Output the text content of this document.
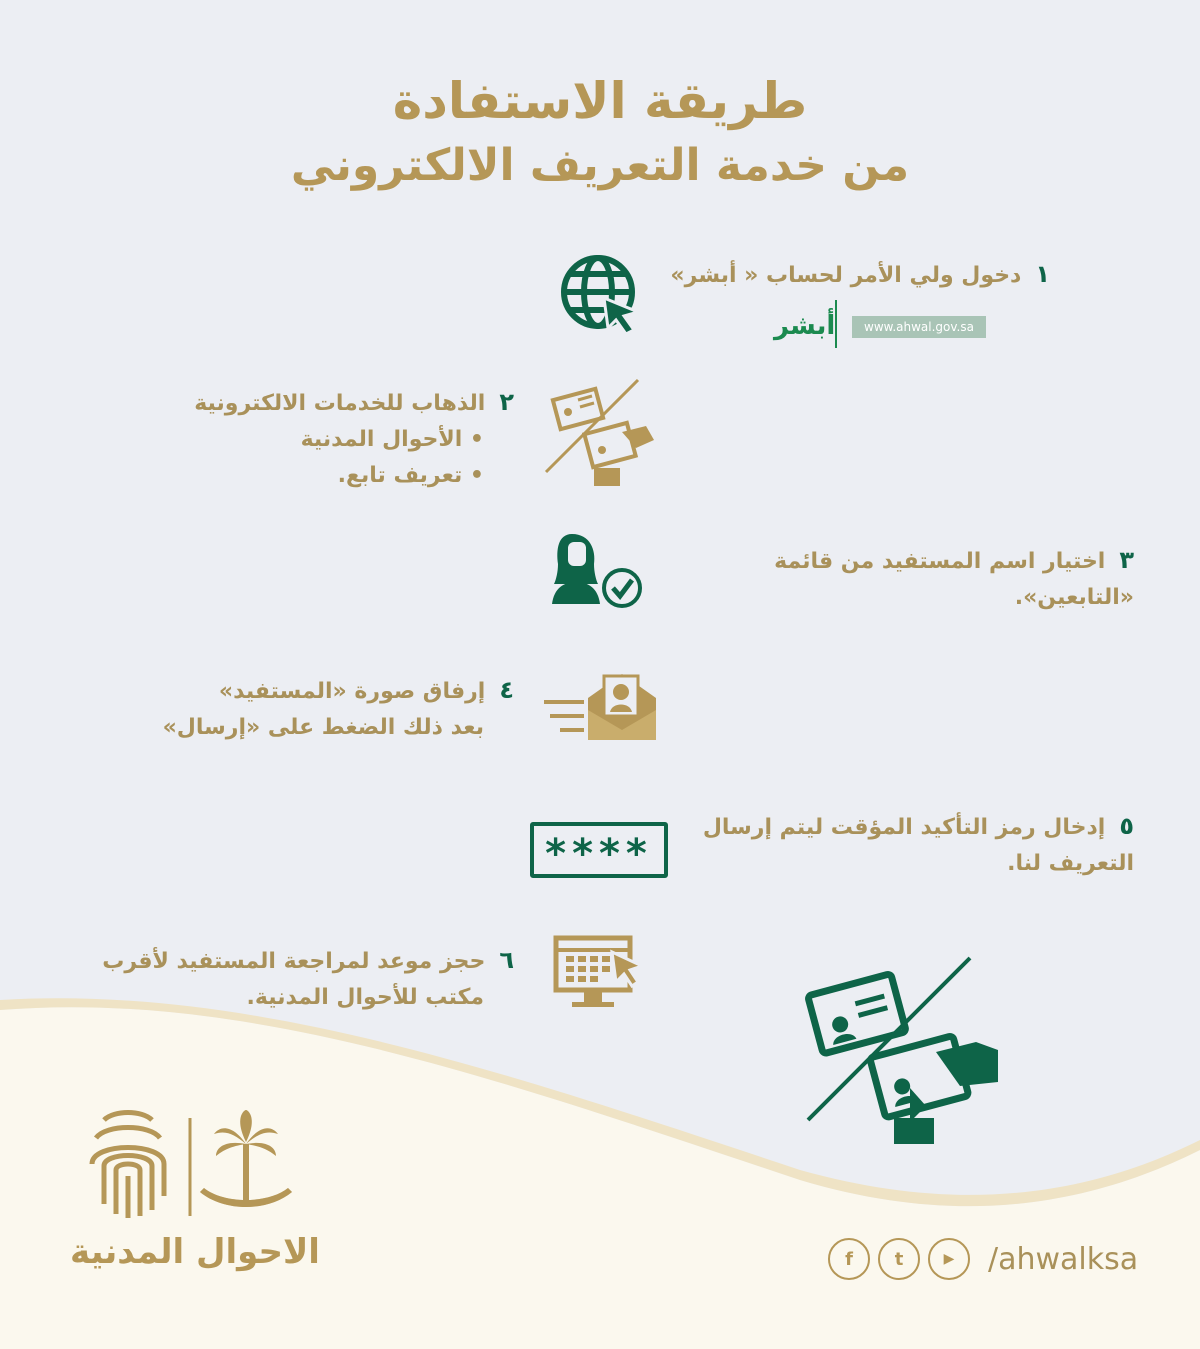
طريقة الاستفادة
من خدمة التعريف الالكتروني
١دخول ولي الأمر لحساب « أبشر»
www.ahwal.gov.sa
أبشر
٢الذهاب للخدمات الالكترونية
• الأحوال المدنية
• تعريف تابع.
٣اختيار اسم المستفيد من قائمة «التابعين».
٤إرفاق صورة «المستفيد»
بعد ذلك الضغط على «إرسال»
٥إدخال رمز التأكيد المؤقت ليتم إرسال
التعريف لنا.
****
٦حجز موعد لمراجعة المستفيد لأقرب
مكتب للأحوال المدنية.
الاحوال المدنية	f t	▶ /ahwalksa
